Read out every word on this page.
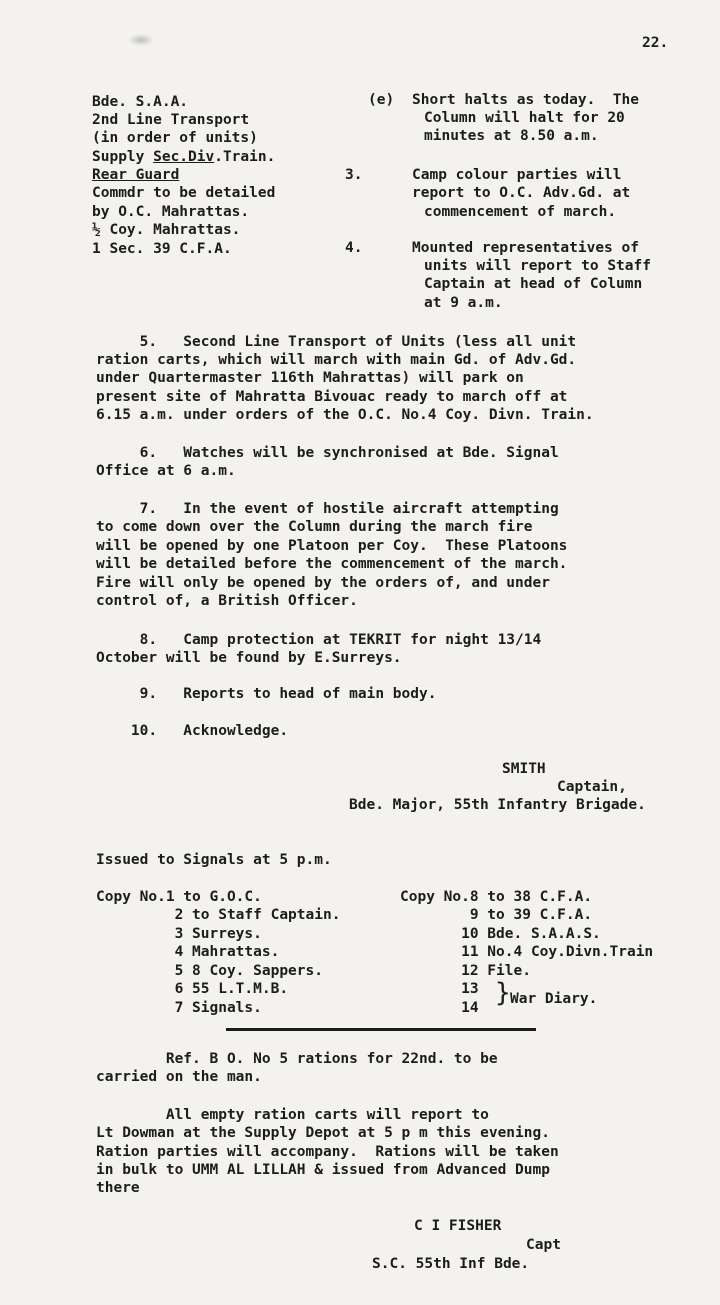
22.
Bde. S.A.A.
2nd Line Transport
(in order of units)
Supply Sec.Div.Train.
Rear Guard
Commdr to be detailed
by O.C. Mahrattas.
½ Coy. Mahrattas.
1 Sec. 39 C.F.A.
(e) Short halts as today.  The
Column will halt for 20
minutes at 8.50 a.m.
3.	Camp colour parties will
report to O.C. Adv.Gd. at
commencement of march.
4.	Mounted representatives of
units will report to Staff
Captain at head of Column
at 9 a.m.
5.   Second Line Transport of Units (less all unit
ration carts, which will march with main Gd. of Adv.Gd.
under Quartermaster 116th Mahrattas) will park on
present site of Mahratta Bivouac ready to march off at
6.15 a.m. under orders of the O.C. No.4 Coy. Divn. Train.
6.   Watches will be synchronised at Bde. Signal
Office at 6 a.m.
7.   In the event of hostile aircraft attempting
to come down over the Column during the march fire
will be opened by one Platoon per Coy.  These Platoons
will be detailed before the commencement of the march.
Fire will only be opened by the orders of, and under
control of, a British Officer.
8.   Camp protection at TEKRIT for night 13/14
October will be found by E.Surreys.
9.   Reports to head of main body.
10.   Acknowledge.
SMITH
Captain,
Bde. Major, 55th Infantry Brigade.
Issued to Signals at 5 p.m.
Copy No.1 to G.O.C.
2 to Staff Captain.
3 Surreys.
4 Mahrattas.
5 8 Coy. Sappers.
6 55 L.T.M.B.
7 Signals.
Copy No.8 to 38 C.F.A.
9 to 39 C.F.A.
10 Bde. S.A.A.S.
11 No.4 Coy.Divn.Train
12 File.
13
14 } War Diary.
Ref. B O. No 5 rations for 22nd. to be
carried on the man.
All empty ration carts will report to
Lt Dowman at the Supply Depot at 5 p m this evening.
Ration parties will accompany.  Rations will be taken
in bulk to UMM AL LILLAH & issued from Advanced Dump
there
C I FISHER
Capt
S.C. 55th Inf Bde.
